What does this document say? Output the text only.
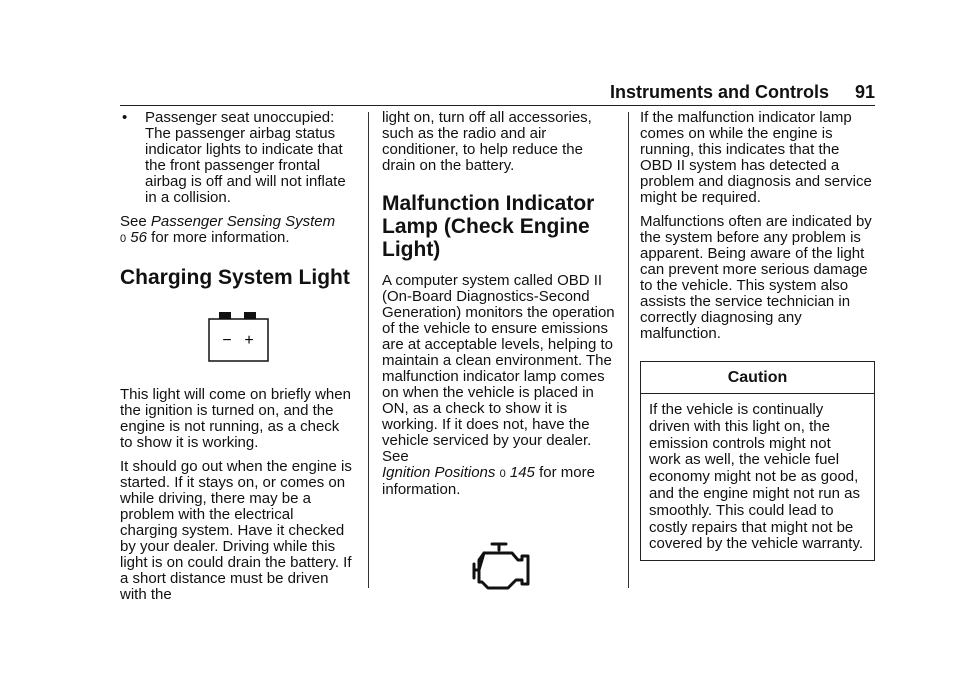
Instruments and Controls 91

• Passenger seat unoccupied: The passenger airbag status indicator lights to indicate that the front passenger frontal airbag is off and will not inflate in a collision.

See Passenger Sensing System
0 56 for more information.

Charging System Light
− +

This light will come on briefly when the ignition is turned on, and the engine is not running, as a check to show it is working.

It should go out when the engine is started. If it stays on, or comes on while driving, there may be a problem with the electrical charging system. Have it checked by your dealer. Driving while this light is on could drain the battery. If a short distance must be driven with the

light on, turn off all accessories, such as the radio and air conditioner, to help reduce the drain on the battery.

Malfunction Indicator Lamp (Check Engine Light)

A computer system called OBD II (On-Board Diagnostics-Second Generation) monitors the operation of the vehicle to ensure emissions are at acceptable levels, helping to maintain a clean environment. The malfunction indicator lamp comes on when the vehicle is placed in ON, as a check to show it is working. If it does not, have the vehicle serviced by your dealer. See
Ignition Positions 0 145 for more information.

If the malfunction indicator lamp comes on while the engine is running, this indicates that the OBD II system has detected a problem and diagnosis and service might be required.

Malfunctions often are indicated by the system before any problem is apparent. Being aware of the light can prevent more serious damage to the vehicle. This system also assists the service technician in correctly diagnosing any malfunction.

Caution
If the vehicle is continually driven with this light on, the emission controls might not work as well, the vehicle fuel economy might not be as good, and the engine might not run as smoothly. This could lead to costly repairs that might not be covered by the vehicle warranty.
